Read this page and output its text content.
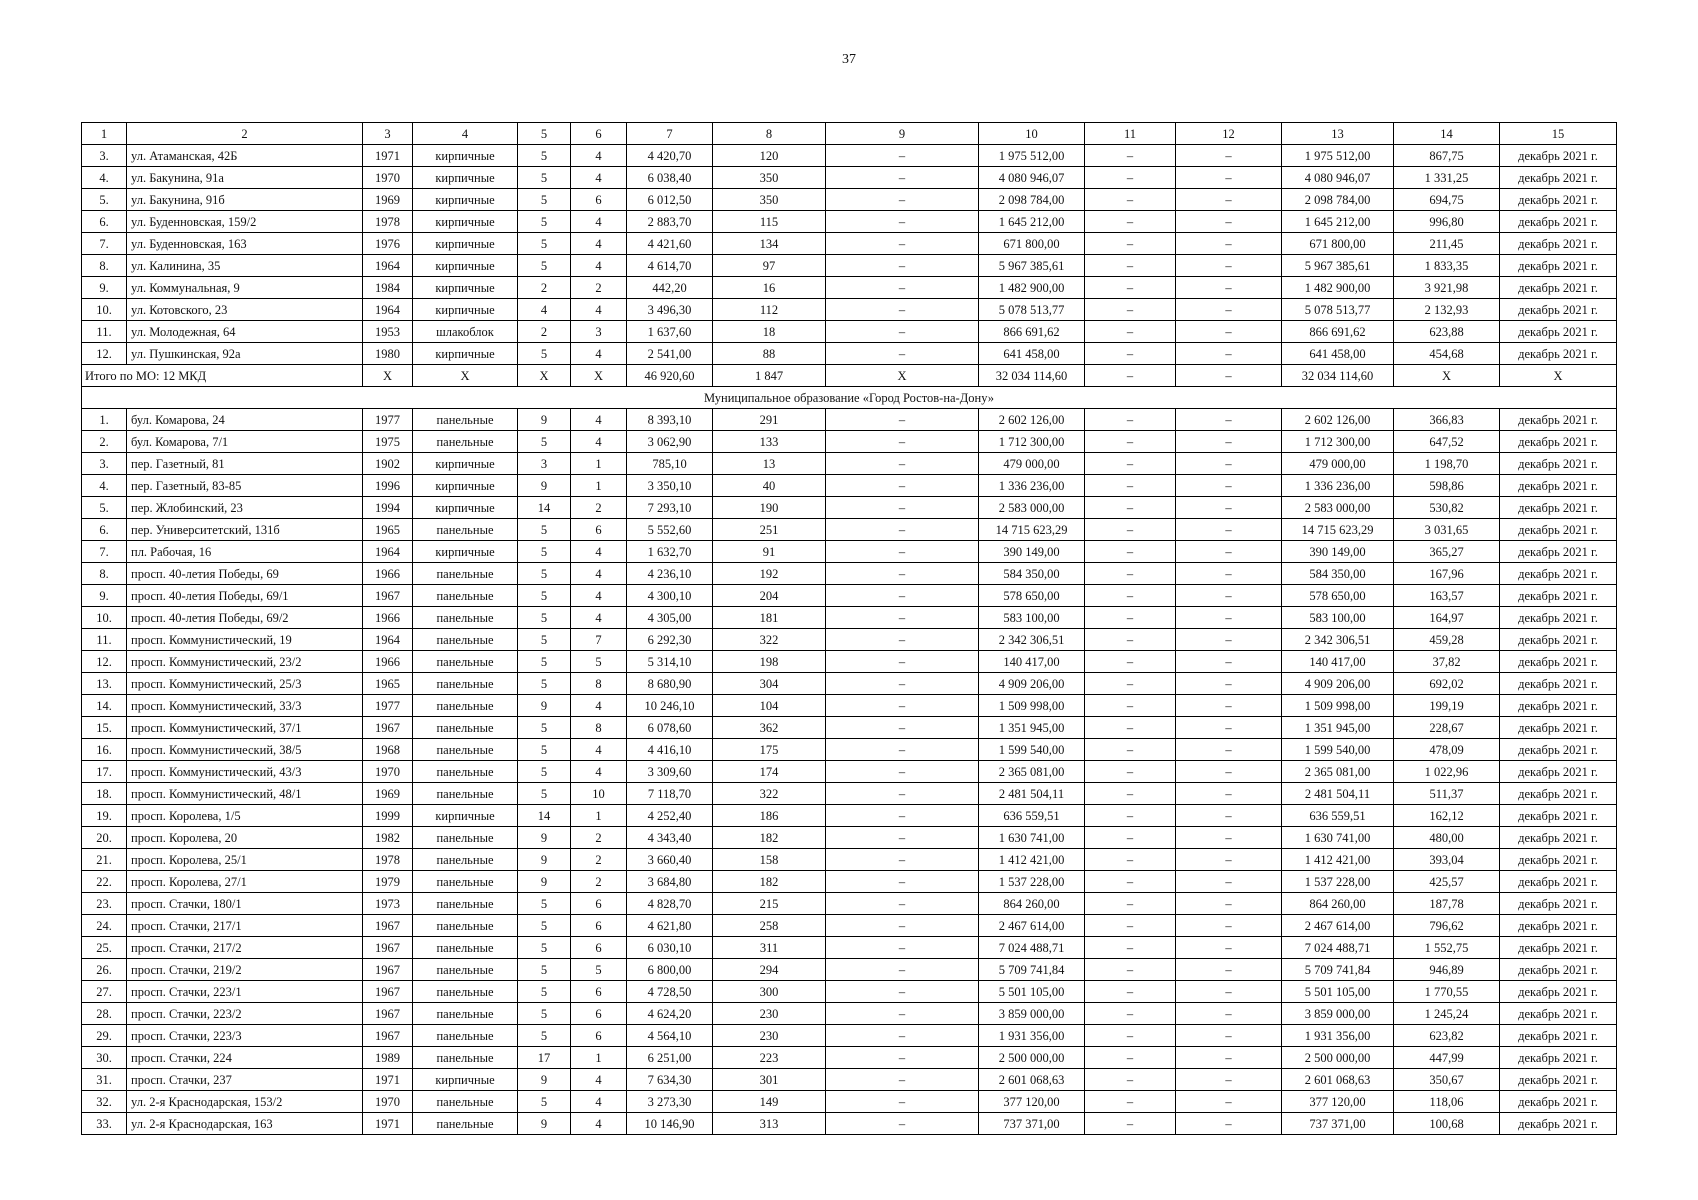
37
1	2	3	4	5	6	7	8	9	10	11	12	13	14	15
3.	ул. Атаманская, 42Б	1971	кирпичные	5	4	4 420,70	120	–	1 975 512,00	–	–	1 975 512,00	867,75	декабрь 2021 г.
4.	ул. Бакунина, 91а	1970	кирпичные	5	4	6 038,40	350	–	4 080 946,07	–	–	4 080 946,07	1 331,25	декабрь 2021 г.
5.	ул. Бакунина, 91б	1969	кирпичные	5	6	6 012,50	350	–	2 098 784,00	–	–	2 098 784,00	694,75	декабрь 2021 г.
6.	ул. Буденновская, 159/2	1978	кирпичные	5	4	2 883,70	115	–	1 645 212,00	–	–	1 645 212,00	996,80	декабрь 2021 г.
7.	ул. Буденновская, 163	1976	кирпичные	5	4	4 421,60	134	–	671 800,00	–	–	671 800,00	211,45	декабрь 2021 г.
8.	ул. Калинина, 35	1964	кирпичные	5	4	4 614,70	97	–	5 967 385,61	–	–	5 967 385,61	1 833,35	декабрь 2021 г.
9.	ул. Коммунальная, 9	1984	кирпичные	2	2	442,20	16	–	1 482 900,00	–	–	1 482 900,00	3 921,98	декабрь 2021 г.
10.	ул. Котовского, 23	1964	кирпичные	4	4	3 496,30	112	–	5 078 513,77	–	–	5 078 513,77	2 132,93	декабрь 2021 г.
11.	ул. Молодежная, 64	1953	шлакоблок	2	3	1 637,60	18	–	866 691,62	–	–	866 691,62	623,88	декабрь 2021 г.
12.	ул. Пушкинская, 92а	1980	кирпичные	5	4	2 541,00	88	–	641 458,00	–	–	641 458,00	454,68	декабрь 2021 г.
Итого по МО: 12 МКД		X	X	X	X	46 920,60	1 847	X	32 034 114,60	–	–	32 034 114,60	X	X
Муниципальное образование «Город Ростов-на-Дону»														
1.	бул. Комарова, 24	1977	панельные	9	4	8 393,10	291	–	2 602 126,00	–	–	2 602 126,00	366,83	декабрь 2021 г.
2.	бул. Комарова, 7/1	1975	панельные	5	4	3 062,90	133	–	1 712 300,00	–	–	1 712 300,00	647,52	декабрь 2021 г.
3.	пер. Газетный, 81	1902	кирпичные	3	1	785,10	13	–	479 000,00	–	–	479 000,00	1 198,70	декабрь 2021 г.
4.	пер. Газетный, 83-85	1996	кирпичные	9	1	3 350,10	40	–	1 336 236,00	–	–	1 336 236,00	598,86	декабрь 2021 г.
5.	пер. Жлобинский, 23	1994	кирпичные	14	2	7 293,10	190	–	2 583 000,00	–	–	2 583 000,00	530,82	декабрь 2021 г.
6.	пер. Университетский, 131б	1965	панельные	5	6	5 552,60	251	–	14 715 623,29	–	–	14 715 623,29	3 031,65	декабрь 2021 г.
7.	пл. Рабочая, 16	1964	кирпичные	5	4	1 632,70	91	–	390 149,00	–	–	390 149,00	365,27	декабрь 2021 г.
8.	просп. 40-летия Победы, 69	1966	панельные	5	4	4 236,10	192	–	584 350,00	–	–	584 350,00	167,96	декабрь 2021 г.
9.	просп. 40-летия Победы, 69/1	1967	панельные	5	4	4 300,10	204	–	578 650,00	–	–	578 650,00	163,57	декабрь 2021 г.
10.	просп. 40-летия Победы, 69/2	1966	панельные	5	4	4 305,00	181	–	583 100,00	–	–	583 100,00	164,97	декабрь 2021 г.
11.	просп. Коммунистический, 19	1964	панельные	5	7	6 292,30	322	–	2 342 306,51	–	–	2 342 306,51	459,28	декабрь 2021 г.
12.	просп. Коммунистический, 23/2	1966	панельные	5	5	5 314,10	198	–	140 417,00	–	–	140 417,00	37,82	декабрь 2021 г.
13.	просп. Коммунистический, 25/3	1965	панельные	5	8	8 680,90	304	–	4 909 206,00	–	–	4 909 206,00	692,02	декабрь 2021 г.
14.	просп. Коммунистический, 33/3	1977	панельные	9	4	10 246,10	104	–	1 509 998,00	–	–	1 509 998,00	199,19	декабрь 2021 г.
15.	просп. Коммунистический, 37/1	1967	панельные	5	8	6 078,60	362	–	1 351 945,00	–	–	1 351 945,00	228,67	декабрь 2021 г.
16.	просп. Коммунистический, 38/5	1968	панельные	5	4	4 416,10	175	–	1 599 540,00	–	–	1 599 540,00	478,09	декабрь 2021 г.
17.	просп. Коммунистический, 43/3	1970	панельные	5	4	3 309,60	174	–	2 365 081,00	–	–	2 365 081,00	1 022,96	декабрь 2021 г.
18.	просп. Коммунистический, 48/1	1969	панельные	5	10	7 118,70	322	–	2 481 504,11	–	–	2 481 504,11	511,37	декабрь 2021 г.
19.	просп. Королева, 1/5	1999	кирпичные	14	1	4 252,40	186	–	636 559,51	–	–	636 559,51	162,12	декабрь 2021 г.
20.	просп. Королева, 20	1982	панельные	9	2	4 343,40	182	–	1 630 741,00	–	–	1 630 741,00	480,00	декабрь 2021 г.
21.	просп. Королева, 25/1	1978	панельные	9	2	3 660,40	158	–	1 412 421,00	–	–	1 412 421,00	393,04	декабрь 2021 г.
22.	просп. Королева, 27/1	1979	панельные	9	2	3 684,80	182	–	1 537 228,00	–	–	1 537 228,00	425,57	декабрь 2021 г.
23.	просп. Стачки, 180/1	1973	панельные	5	6	4 828,70	215	–	864 260,00	–	–	864 260,00	187,78	декабрь 2021 г.
24.	просп. Стачки, 217/1	1967	панельные	5	6	4 621,80	258	–	2 467 614,00	–	–	2 467 614,00	796,62	декабрь 2021 г.
25.	просп. Стачки, 217/2	1967	панельные	5	6	6 030,10	311	–	7 024 488,71	–	–	7 024 488,71	1 552,75	декабрь 2021 г.
26.	просп. Стачки, 219/2	1967	панельные	5	5	6 800,00	294	–	5 709 741,84	–	–	5 709 741,84	946,89	декабрь 2021 г.
27.	просп. Стачки, 223/1	1967	панельные	5	6	4 728,50	300	–	5 501 105,00	–	–	5 501 105,00	1 770,55	декабрь 2021 г.
28.	просп. Стачки, 223/2	1967	панельные	5	6	4 624,20	230	–	3 859 000,00	–	–	3 859 000,00	1 245,24	декабрь 2021 г.
29.	просп. Стачки, 223/3	1967	панельные	5	6	4 564,10	230	–	1 931 356,00	–	–	1 931 356,00	623,82	декабрь 2021 г.
30.	просп. Стачки, 224	1989	панельные	17	1	6 251,00	223	–	2 500 000,00	–	–	2 500 000,00	447,99	декабрь 2021 г.
31.	просп. Стачки, 237	1971	кирпичные	9	4	7 634,30	301	–	2 601 068,63	–	–	2 601 068,63	350,67	декабрь 2021 г.
32.	ул. 2-я Краснодарская, 153/2	1970	панельные	5	4	3 273,30	149	–	377 120,00	–	–	377 120,00	118,06	декабрь 2021 г.
33.	ул. 2-я Краснодарская, 163	1971	панельные	9	4	10 146,90	313	–	737 371,00	–	–	737 371,00	100,68	декабрь 2021 г.
